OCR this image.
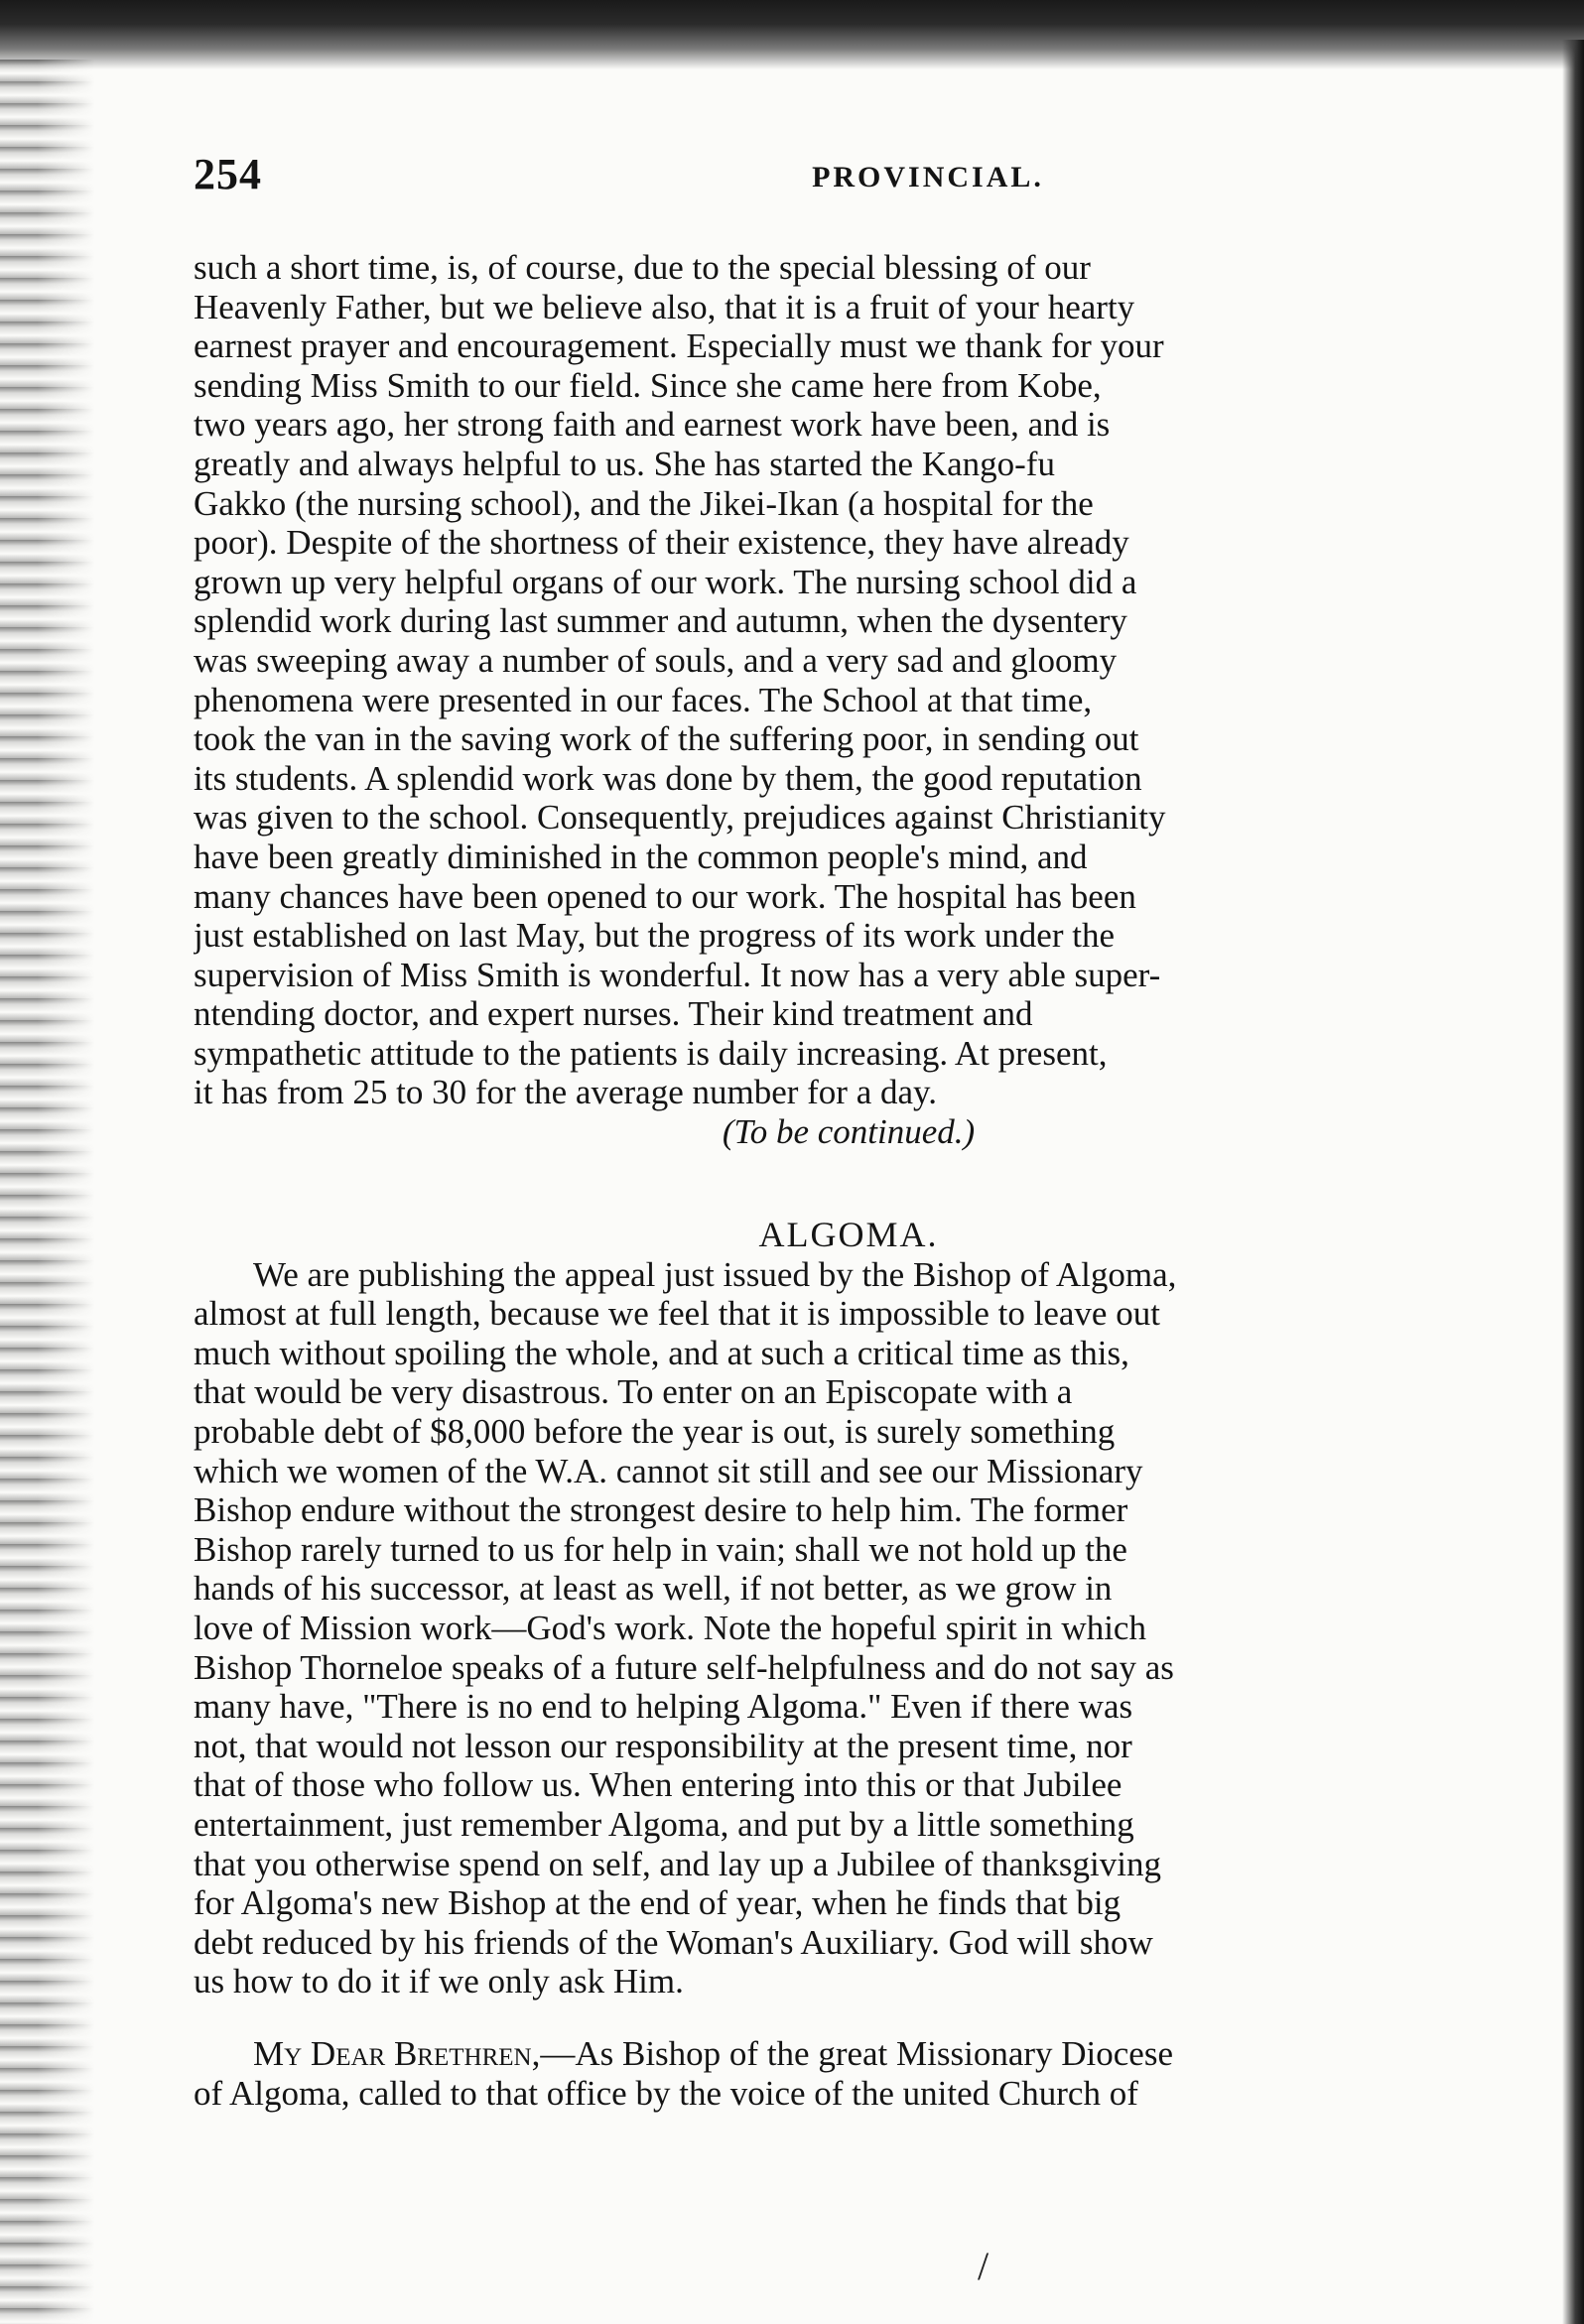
254	PROVINCIAL.
such a short time, is, of course, due to the special blessing of our
Heavenly Father, but we believe also, that it is a fruit of your hearty
earnest prayer and encouragement. Especially must we thank for your
sending Miss Smith to our field. Since she came here from Kobe,
two years ago, her strong faith and earnest work have been, and is
greatly and always helpful to us. She has started the Kango-fu
Gakko (the nursing school), and the Jikei-Ikan (a hospital for the
poor). Despite of the shortness of their existence, they have already
grown up very helpful organs of our work. The nursing school did a
splendid work during last summer and autumn, when the dysentery
was sweeping away a number of souls, and a very sad and gloomy
phenomena were presented in our faces. The School at that time,
took the van in the saving work of the suffering poor, in sending out
its students. A splendid work was done by them, the good reputation
was given to the school. Consequently, prejudices against Christianity
have been greatly diminished in the common people's mind, and
many chances have been opened to our work. The hospital has been
just established on last May, but the progress of its work under the
supervision of Miss Smith is wonderful. It now has a very able super-
ntending doctor, and expert nurses. Their kind treatment and
sympathetic attitude to the patients is daily increasing. At present,
it has from 25 to 30 for the average number for a day.
(To be continued.)
ALGOMA.
We are publishing the appeal just issued by the Bishop of Algoma,
almost at full length, because we feel that it is impossible to leave out
much without spoiling the whole, and at such a critical time as this,
that would be very disastrous. To enter on an Episcopate with a
probable debt of $8,000 before the year is out, is surely something
which we women of the W.A. cannot sit still and see our Missionary
Bishop endure without the strongest desire to help him. The former
Bishop rarely turned to us for help in vain; shall we not hold up the
hands of his successor, at least as well, if not better, as we grow in
love of Mission work—God's work. Note the hopeful spirit in which
Bishop Thorneloe speaks of a future self-helpfulness and do not say as
many have, "There is no end to helping Algoma." Even if there was
not, that would not lesson our responsibility at the present time, nor
that of those who follow us. When entering into this or that Jubilee
entertainment, just remember Algoma, and put by a little something
that you otherwise spend on self, and lay up a Jubilee of thanksgiving
for Algoma's new Bishop at the end of year, when he finds that big
debt reduced by his friends of the Woman's Auxiliary. God will show
us how to do it if we only ask Him.
My Dear Brethren,—As Bishop of the great Missionary Diocese
of Algoma, called to that office by the voice of the united Church of
/
